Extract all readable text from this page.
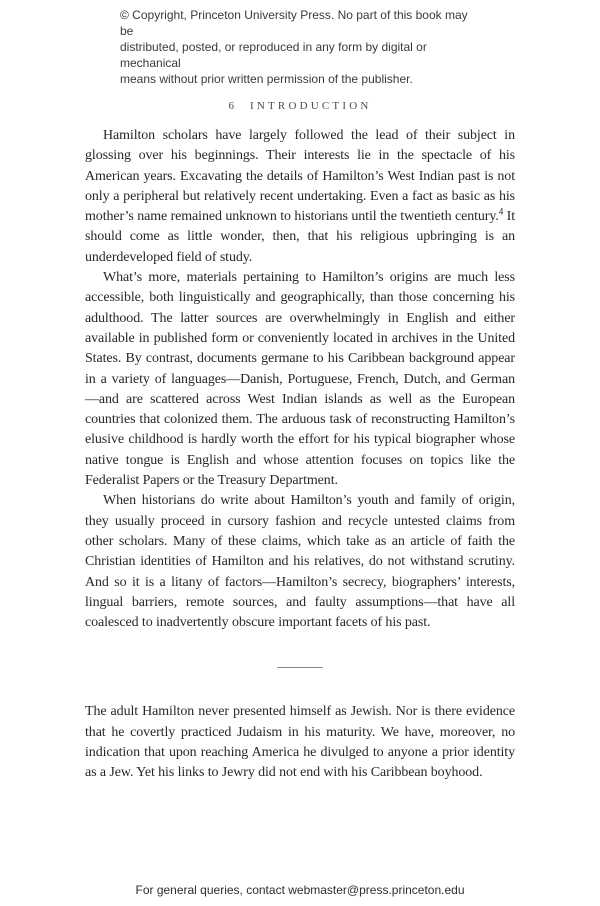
© Copyright, Princeton University Press. No part of this book may be
distributed, posted, or reproduced in any form by digital or mechanical
means without prior written permission of the publisher.
6 INTRODUCTION

Hamilton scholars have largely followed the lead of their subject in glossing over his beginnings. Their interests lie in the spectacle of his American years. Excavating the details of Hamilton’s West Indian past is not only a peripheral but relatively recent undertaking. Even a fact as basic as his mother’s name remained unknown to historians until the twentieth century.$^4$ It should come as little wonder, then, that his religious upbringing is an underdeveloped field of study.

What’s more, materials pertaining to Hamilton’s origins are much less accessible, both linguistically and geographically, than those concerning his adulthood. The latter sources are overwhelmingly in English and either available in published form or conveniently located in archives in the United States. By contrast, documents germane to his Caribbean background appear in a variety of languages—Danish, Portuguese, French, Dutch, and German—and are scattered across West Indian islands as well as the European countries that colonized them. The arduous task of reconstructing Hamilton’s elusive childhood is hardly worth the effort for his typical biographer whose native tongue is English and whose attention focuses on topics like the Federalist Papers or the Treasury Department.

When historians do write about Hamilton’s youth and family of origin, they usually proceed in cursory fashion and recycle untested claims from other scholars. Many of these claims, which take as an article of faith the Christian identities of Hamilton and his relatives, do not withstand scrutiny. And so it is a litany of factors—Hamilton’s secrecy, biographers’ interests, lingual barriers, remote sources, and faulty assumptions—that have all coalesced to inadvertently obscure important facets of his past.

The adult Hamilton never presented himself as Jewish. Nor is there evidence that he covertly practiced Judaism in his maturity. We have, moreover, no indication that upon reaching America he divulged to anyone a prior identity as a Jew. Yet his links to Jewry did not end with his Caribbean boyhood.

For general queries, contact webmaster@press.princeton.edu
